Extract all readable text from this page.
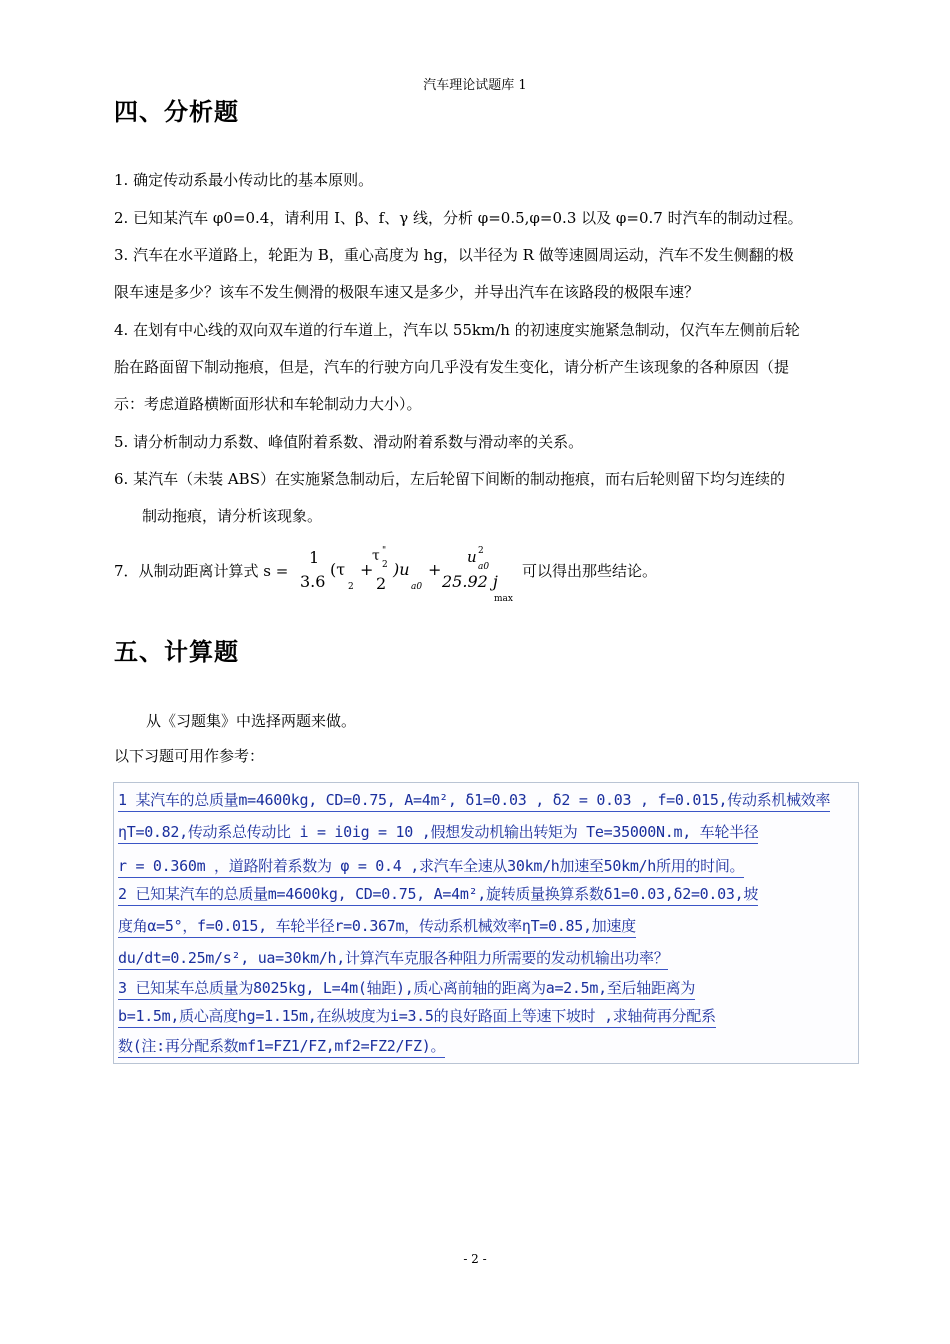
汽车理论试题库 1
四、分析题
1. 确定传动系最小传动比的基本原则。
2. 已知某汽车 φ0=0.4，请利用 I、β、f、γ 线，分析 φ=0.5,φ=0.3 以及 φ=0.7 时汽车的制动过程。
3. 汽车在水平道路上，轮距为 B，重心高度为 hg，以半径为 R 做等速圆周运动，汽车不发生侧翻的极
限车速是多少？该车不发生侧滑的极限车速又是多少，并导出汽车在该路段的极限车速？
4. 在划有中心线的双向双车道的行车道上，汽车以 55km/h 的初速度实施紧急制动，仅汽车左侧前后轮
胎在路面留下制动拖痕，但是，汽车的行驶方向几乎没有发生变化，请分析产生该现象的各种原因（提
示：考虑道路横断面形状和车轮制动力大小）。
5. 请分析制动力系数、峰值附着系数、滑动附着系数与滑动率的关系。
6. 某汽车（未装 ABS）在实施紧急制动后，左后轮留下间断的制动拖痕，而右后轮则留下均匀连续的
制动拖痕，请分析该现象。
7．从制动距离计算式 s =
1
3.6
(τ
2
+
τ "
2
2
)u
a0
+
u 2
a0
25.92 j
max
可以得出那些结论。
五、计算题
从《习题集》中选择两题来做。
以下习题可用作参考：
1 某汽车的总质量m=4600kg, CD=0.75, A=4m², δ1=0.03 , δ2 = 0.03 , f=0.015,传动系机械效率
ηT=0.82,传动系总传动比 i = i0ig = 10 ,假想发动机输出转矩为 Te=35000N.m, 车轮半径
r = 0.360m ，道路附着系数为 φ = 0.4 ,求汽车全速从30km/h加速至50km/h所用的时间。
2 已知某汽车的总质量m=4600kg, CD=0.75, A=4m²,旋转质量换算系数δ1=0.03,δ2=0.03,坡
度角α=5°，f=0.015, 车轮半径r=0.367m，传动系机械效率ηT=0.85,加速度
du/dt=0.25m/s², ua=30km/h,计算汽车克服各种阻力所需要的发动机输出功率？
3 已知某车总质量为8025kg, L=4m(轴距),质心离前轴的距离为a=2.5m,至后轴距离为
b=1.5m,质心高度hg=1.15m,在纵坡度为i=3.5的良好路面上等速下坡时 ,求轴荷再分配系
数(注:再分配系数mf1=FZ1/FZ,mf2=FZ2/FZ)。
- 2 -
